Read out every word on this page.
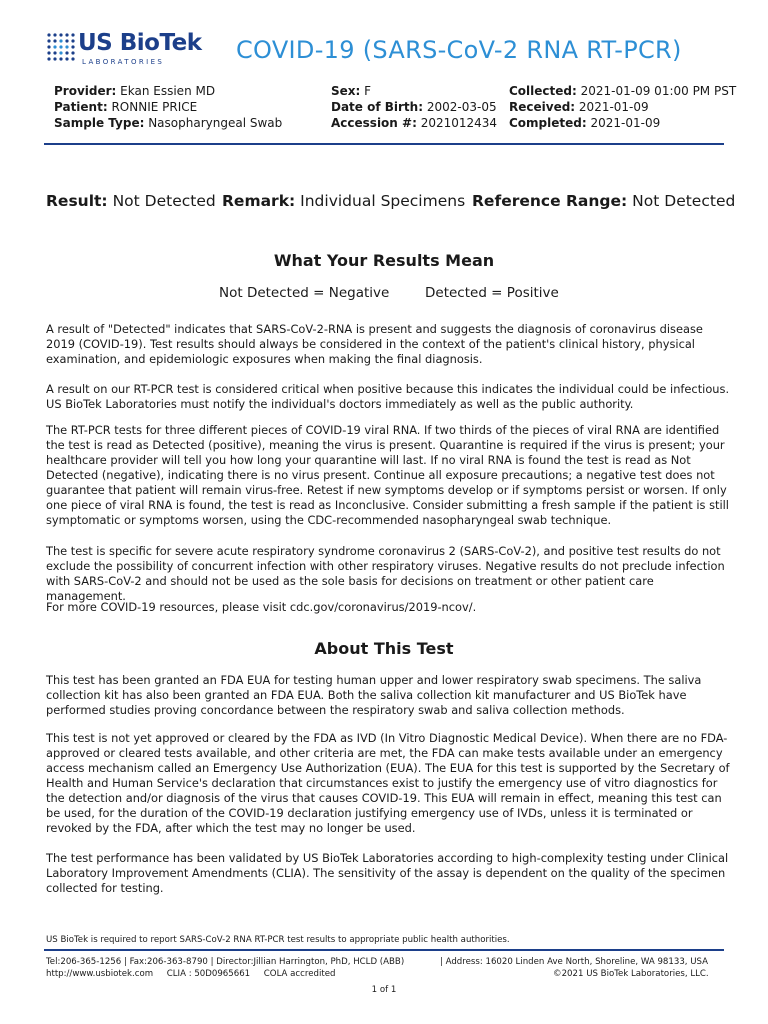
US BioTek
LABORATORIES	COVID-19 (SARS-CoV-2 RNA RT-PCR)
Provider: Ekan Essien MD
Patient: RONNIE PRICE
Sample Type: Nasopharyngeal Swab
Sex: F
Date of Birth: 2002-03-05
Accession #: 2021012434
Collected: 2021-01-09 01:00 PM PST
Received: 2021-01-09
Completed: 2021-01-09
Result: Not Detected Remark: Individual Specimens Reference Range: Not Detected
What Your Results Mean
Not Detected = Negative	Detected = Positive

A result of "Detected" indicates that SARS-CoV-2-RNA is present and suggests the diagnosis of coronavirus disease 2019 (COVID-19). Test results should always be considered in the context of the patient's clinical history, physical examination, and epidemiologic exposures when making the final diagnosis.

A result on our RT-PCR test is considered critical when positive because this indicates the individual could be infectious. US BioTek Laboratories must notify the individual's doctors immediately as well as the public authority.

The RT-PCR tests for three different pieces of COVID-19 viral RNA. If two thirds of the pieces of viral RNA are identified the test is read as Detected (positive), meaning the virus is present. Quarantine is required if the virus is present; your healthcare provider will tell you how long your quarantine will last. If no viral RNA is found the test is read as Not Detected (negative), indicating there is no virus present. Continue all exposure precautions; a negative test does not guarantee that patient will remain virus-free. Retest if new symptoms develop or if symptoms persist or worsen. If only one piece of viral RNA is found, the test is read as Inconclusive. Consider submitting a fresh sample if the patient is still symptomatic or symptoms worsen, using the CDC-recommended nasopharyngeal swab technique.

The test is specific for severe acute respiratory syndrome coronavirus 2 (SARS-CoV-2), and positive test results do not exclude the possibility of concurrent infection with other respiratory viruses. Negative results do not preclude infection with SARS-CoV-2 and should not be used as the sole basis for decisions on treatment or other patient care management.

For more COVID-19 resources, please visit cdc.gov/coronavirus/2019-ncov/.

About This Test

This test has been granted an FDA EUA for testing human upper and lower respiratory swab specimens. The saliva collection kit has also been granted an FDA EUA. Both the saliva collection kit manufacturer and US BioTek have performed studies proving concordance between the respiratory swab and saliva collection methods.

This test is not yet approved or cleared by the FDA as IVD (In Vitro Diagnostic Medical Device). When there are no FDA-approved or cleared tests available, and other criteria are met, the FDA can make tests available under an emergency access mechanism called an Emergency Use Authorization (EUA). The EUA for this test is supported by the Secretary of Health and Human Service's declaration that circumstances exist to justify the emergency use of vitro diagnostics for the detection and/or diagnosis of the virus that causes COVID-19. This EUA will remain in effect, meaning this test can be used, for the duration of the COVID-19 declaration justifying emergency use of IVDs, unless it is terminated or revoked by the FDA, after which the test may no longer be used.

The test performance has been validated by US BioTek Laboratories according to high-complexity testing under Clinical Laboratory Improvement Amendments (CLIA). The sensitivity of the assay is dependent on the quality of the specimen collected for testing.

US BioTek is required to report SARS-CoV-2 RNA RT-PCR test results to appropriate public health authorities.
Tel:206-365-1256 | Fax:206-363-8790 | Director:Jillian Harrington, PhD, HCLD (ABB)	| Address: 16020 Linden Ave North, Shoreline, WA 98133, USA
http://www.usbiotek.com     CLIA : 50D0965661     COLA accredited	©2021 US BioTek Laboratories, LLC.
1 of 1
